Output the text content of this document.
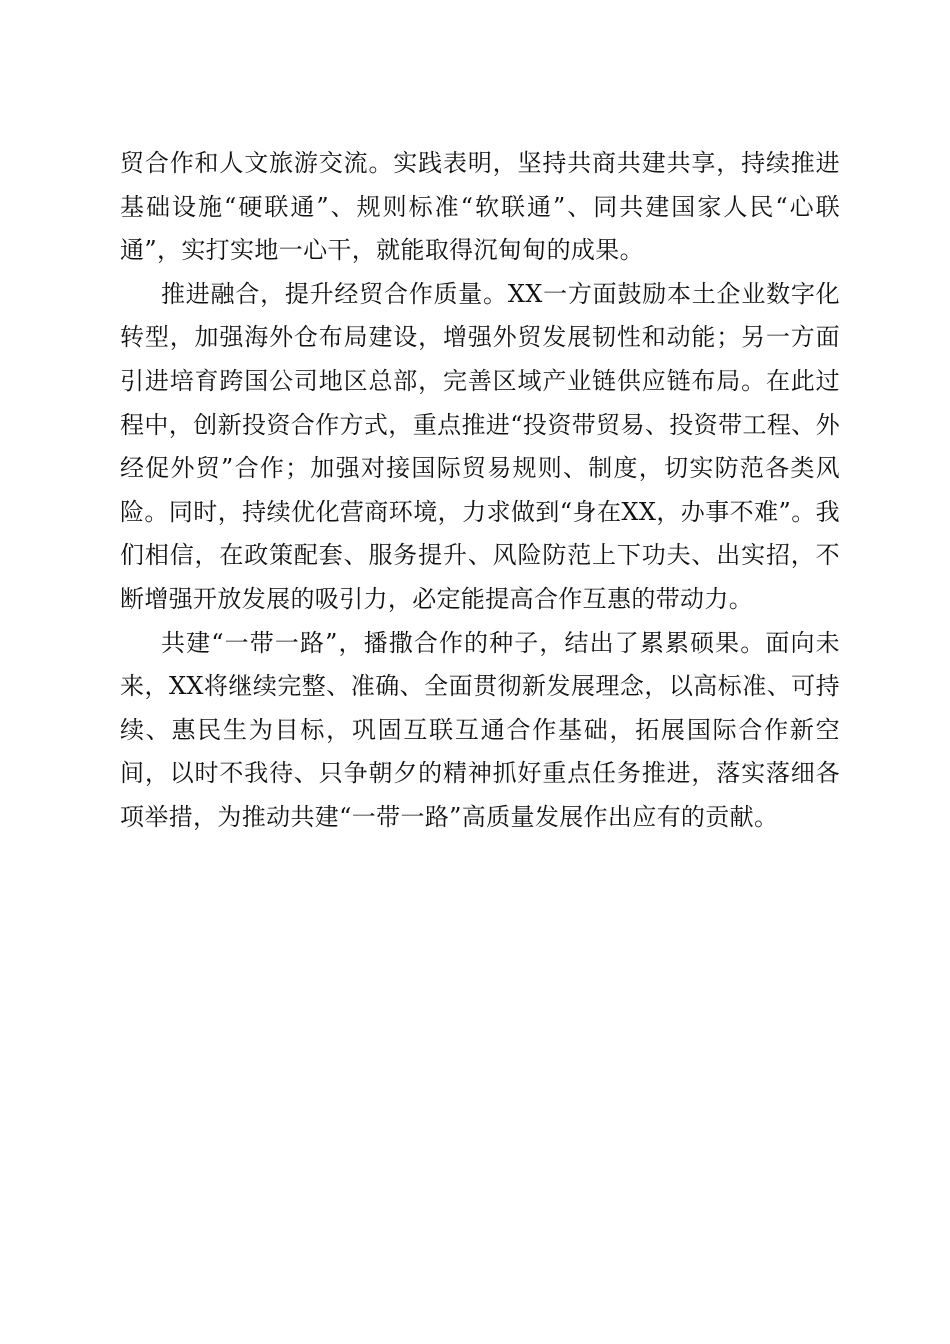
贸合作和人文旅游交流。实践表明，坚持共商共建共享，持续推进基础设施“硬联通”、规则标准“软联通”、同共建国家人民“心联通”，实打实地一心干，就能取得沉甸甸的成果。

推进融合，提升经贸合作质量。XX一方面鼓励本土企业数字化转型，加强海外仓布局建设，增强外贸发展韧性和动能；另一方面引进培育跨国公司地区总部，完善区域产业链供应链布局。在此过程中，创新投资合作方式，重点推进“投资带贸易、投资带工程、外经促外贸”合作；加强对接国际贸易规则、制度，切实防范各类风险。同时，持续优化营商环境，力求做到“身在XX，办事不难”。我们相信，在政策配套、服务提升、风险防范上下功夫、出实招，不断增强开放发展的吸引力，必定能提高合作互惠的带动力。

共建“一带一路”，播撒合作的种子，结出了累累硕果。面向未来，XX将继续完整、准确、全面贯彻新发展理念，以高标准、可持续、惠民生为目标，巩固互联互通合作基础，拓展国际合作新空间，以时不我待、只争朝夕的精神抓好重点任务推进，落实落细各项举措，为推动共建“一带一路”高质量发展作出应有的贡献。
